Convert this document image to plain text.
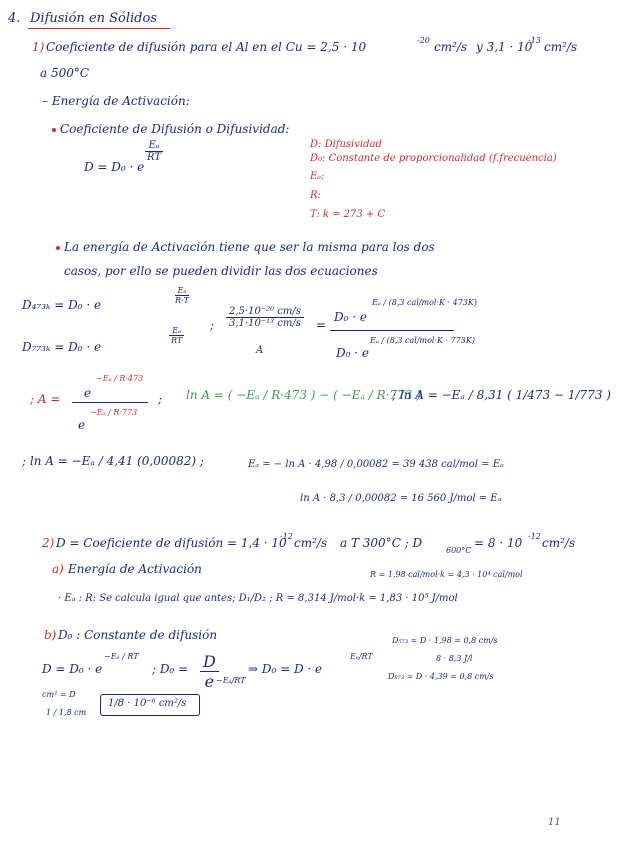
4. Difusión en Sólidos
1) Coeficiente de difusión para el Al en el Cu = 2,5 · 10	-20 cm²/s y 3,1 · 10
-13 cm²/s
a 500°C
– Energía de Activación:
Coeficiente de Difusión o Difusividad:
D = D₀ · e
$\frac{\text{Eₐ}}{RT}$	D: Difusividad
D₀: Constante de proporcionalidad (f.frecuencia)
Eₐ:
R:
T: k = 273 + C
La energía de Activación tiene que ser la misma para los dos
casos, por ello se pueden dividir las dos ecuaciones
D₄₇₃ₖ = D₀ · e	$\frac{\text{Eₐ}}{R\cdot T}$
D₇₇₃ₖ = D₀ · e
$\frac{\text{Eₐ}}{RT}$
; $\frac{\text{2,5·10⁻²⁰ cm/s}}{\text{3,1·10⁻¹³ cm/s}}$
A
=
D₀ · e
Eₐ / (8,3 cal/mol·K · 473K)
D₀ · e
Eₐ / (8,3 cal/mol·K · 773K)
; A = e
−Eₐ / R·473
e
−Eₐ / R·773
; ln A = ( −Eₐ / R·473 ) − ( −Eₐ / R·773 )
; ln A = −Eₐ / 8,31 ( 1/473 − 1/773 )
; ln A = −Eₐ / 4,41 (0,00082) ;	Eₐ = − ln A · 4,98 / 0,00082 = 39 438 cal/mol = Eₐ
ln A · 8,3 / 0,00082 = 16 560 J/mol = Eₐ
2) D = Coeficiente de difusión = 1,4 · 10
-12 cm²/s a T 300°C ; D
600°C
= 8 · 10 -12 cm²/s
a) Energía de Activación	R = 1,98 cal/mol·k = 4,3 · 10⁴ cal/mol
· Eₐ : R: Se calcula igual que antes; D₁/D₂ ; R = 8,314 J/mol·k = 1,83 · 10⁵ J/mol
b) D₀ : Constante de difusión
D = D₀ · e
−Eₐ / RT
; $D_0 = \frac{D}{e}$
−Eₐ/RT
⇒ D₀ = D · e
Eₐ/RT
D₅₇₃ = D · 1,98 = 0,8 cm/s
8 · 8,3 J/l
D₈₇₃ = D · 4,39 = 0,8 cm/s
cm² = D
1 / 1,8 cm
1/8 · 10⁻⁶ cm²/s
11
